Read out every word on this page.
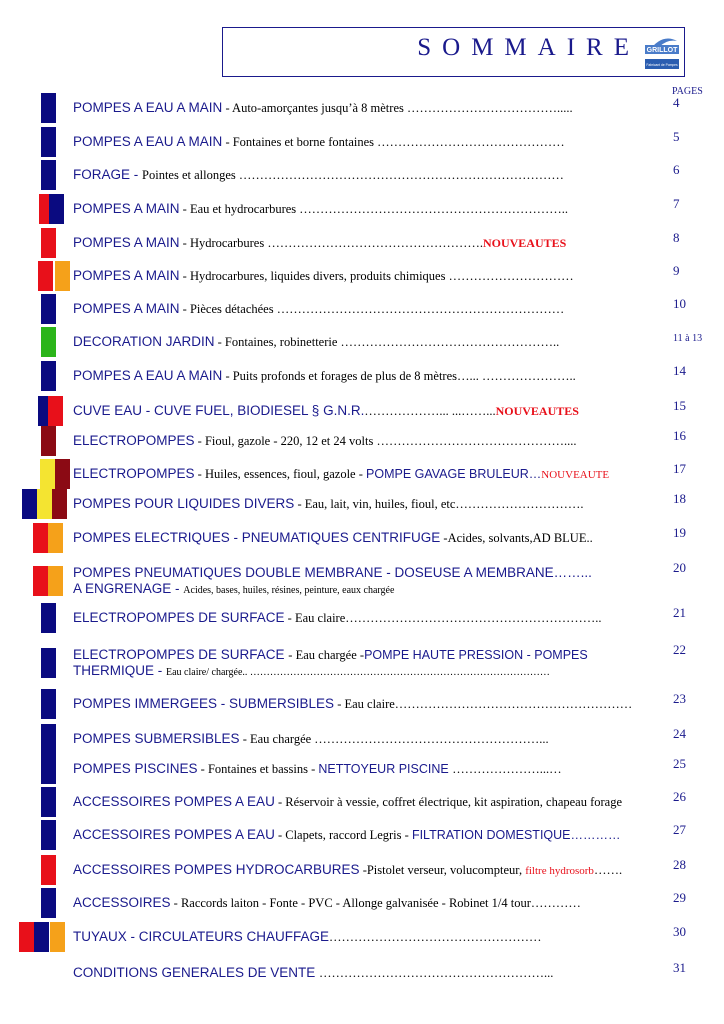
SOMMAIRE GRILLOT
Fabricant de Pompes
PAGES
POMPES A EAU A MAIN - Auto-amorçantes jusqu’à 8 mètres ……………………………….....	4
POMPES A EAU A MAIN - Fontaines et borne fontaines ………………………………………	5
FORAGE - Pointes et allonges ……………………………………………………………………	6
POMPES A MAIN - Eau et hydrocarbures ………………………………………………………..	7
POMPES A MAIN - Hydrocarbures …………………………………………….NOUVEAUTES	8
POMPES A MAIN - Hydrocarbures, liquides divers, produits chimiques …………………………	9
POMPES A MAIN - Pièces détachées ……………………………………………………………	10
DECORATION JARDIN - Fontaines, robinetterie ……………………………………………..	11 à 13
POMPES A EAU A MAIN - Puits profonds et forages de plus de 8 mètres…... …………………..	14
CUVE EAU - CUVE FUEL, BIODIESEL § G.N.R.………………... ...……...NOUVEAUTES	15
ELECTROPOMPES - Fioul, gazole - 220, 12 et 24 volts ………………………………………....	16
ELECTROPOMPES - Huiles, essences, fioul, gazole - POMPE GAVAGE BRULEUR…NOUVEAUTE	17
POMPES POUR LIQUIDES DIVERS - Eau, lait, vin, huiles, fioul, etc………………………….	18
POMPES ELECTRIQUES - PNEUMATIQUES CENTRIFUGE -Acides, solvants,AD BLUE..	19
POMPES PNEUMATIQUES DOUBLE MEMBRANE - DOSEUSE A MEMBRANE……...
A ENGRENAGE - Acides, bases, huiles, résines, peinture, eaux chargée
20
ELECTROPOMPES DE SURFACE - Eau claire……………………………………………………..	21
ELECTROPOMPES DE SURFACE - Eau chargée -POMPE HAUTE PRESSION - POMPES
THERMIQUE - Eau claire/ chargée.. ………………………………………………………………………………
22
POMPES IMMERGEES - SUBMERSIBLES - Eau claire…………………………………………………	23
POMPES SUBMERSIBLES - Eau chargée ………………………………………………...	24
POMPES PISCINES - Fontaines et bassins - NETTOYEUR PISCINE …………………...…	25
ACCESSOIRES POMPES A EAU - Réservoir à vessie, coffret électrique, kit aspiration, chapeau forage	26
ACCESSOIRES POMPES A EAU - Clapets, raccord Legris - FILTRATION DOMESTIQUE…………	27
ACCESSOIRES POMPES HYDROCARBURES -Pistolet verseur, volucompteur, filtre hydrosorb…….	28
ACCESSOIRES - Raccords laiton - Fonte - PVC - Allonge galvanisée - Robinet 1/4 tour…………	29
TUYAUX - CIRCULATEURS CHAUFFAGE……………………………………………	30
CONDITIONS GENERALES DE VENTE ………………………………………………...	31
